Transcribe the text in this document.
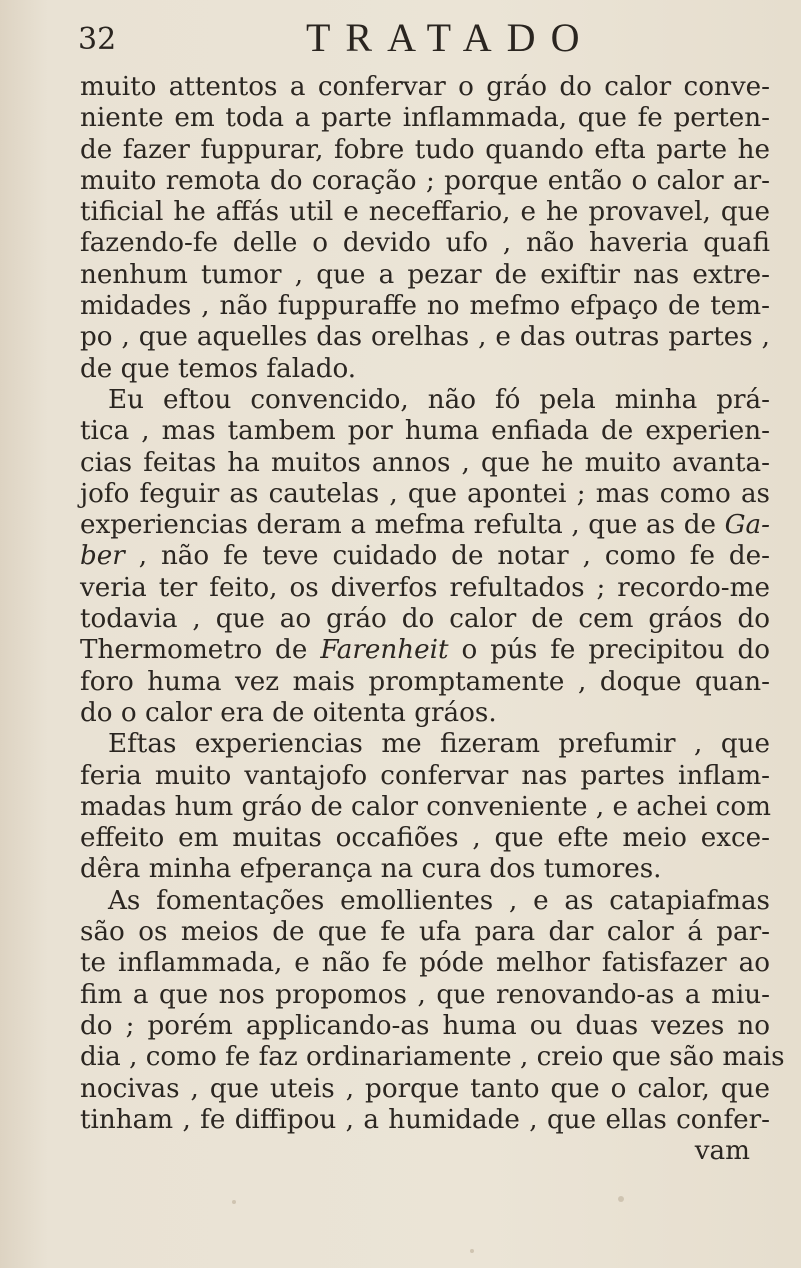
32	TRATADO
muito attentos a confervar o gráo do calor conve-
niente em toda a parte inflammada, que fe perten-
de fazer fuppurar, fobre tudo quando efta parte he
muito remota do coração ; porque então o calor ar-
tificial he affás util e neceffario, e he provavel, que
fazendo-fe delle o devido ufo , não haveria quafi
nenhum tumor , que a pezar de exiftir nas extre-
midades , não fuppuraffe no mefmo efpaço de tem-
po , que aquelles das orelhas , e das outras partes ,
de que temos falado.
Eu eftou convencido, não fó pela minha prá-
tica , mas tambem por huma enfiada de experien-
cias feitas ha muitos annos , que he muito avanta-
jofo feguir as cautelas , que apontei ; mas como as
experiencias deram a mefma refulta , que as de Ga-
ber , não fe teve cuidado de notar , como fe de-
veria ter feito, os diverfos refultados ; recordo-me
todavia , que ao gráo do calor de cem gráos do
Thermometro de Farenheit o pús fe precipitou do
foro huma vez mais promptamente , doque quan-
do o calor era de oitenta gráos.
Eftas experiencias me fizeram prefumir , que
feria muito vantajofo confervar nas partes inflam-
madas hum gráo de calor conveniente , e achei com
effeito em muitas occafiões , que efte meio exce-
dêra minha efperança na cura dos tumores.
As fomentações emollientes , e as catapiafmas
são os meios de que fe ufa para dar calor á par-
te inflammada, e não fe póde melhor fatisfazer ao
fim a que nos propomos , que renovando-as a miu-
do ; porém applicando-as huma ou duas vezes no
dia , como fe faz ordinariamente , creio que são mais
nocivas , que uteis , porque tanto que o calor, que
tinham , fe diffipou , a humidade , que ellas confer-
vam
